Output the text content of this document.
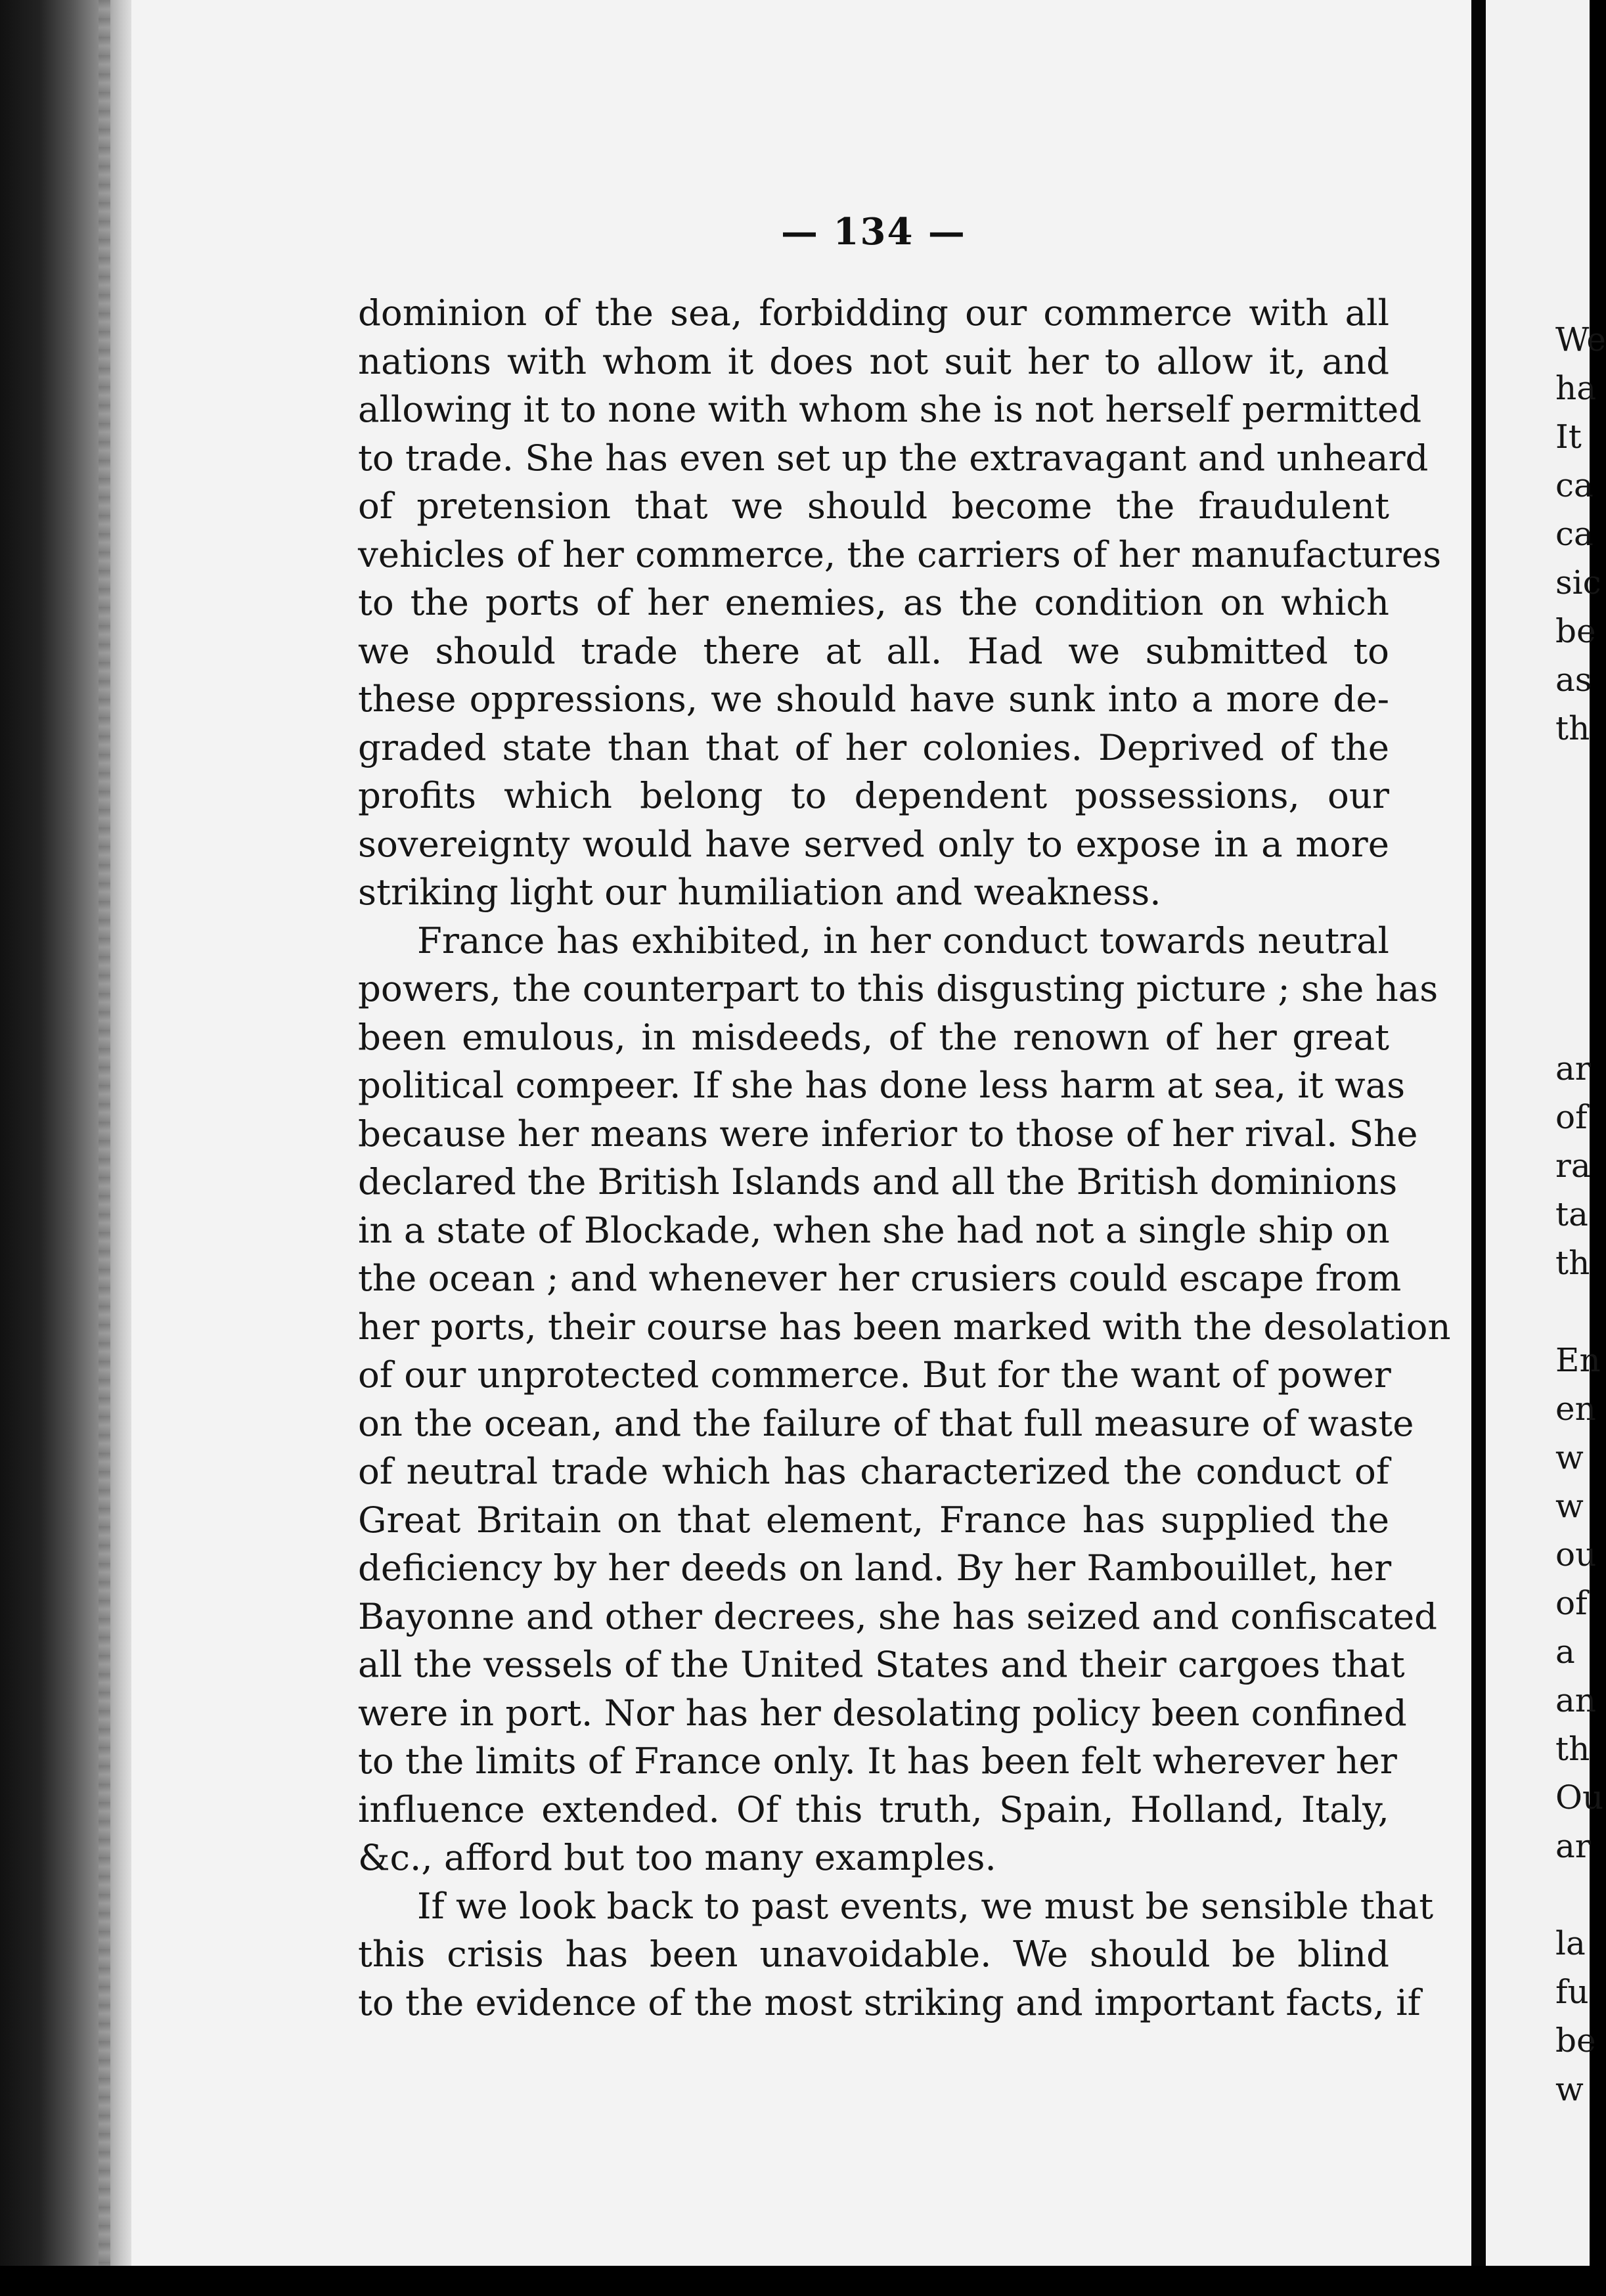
— 134 —
dominion of the sea, forbidding our commerce with all
nations with whom it does not suit her to allow it, and
allowing it to none with whom she is not herself permitted
to trade. She has even set up the extravagant and unheard
of pretension that we should become the fraudulent
vehicles of her commerce, the carriers of her manufactures
to the ports of her enemies, as the condition on which
we should trade there at all. Had we submitted to
these oppressions, we should have sunk into a more de-
graded state than that of her colonies. Deprived of the
profits which belong to dependent possessions, our
sovereignty would have served only to expose in a more
striking light our humiliation and weakness.
France has exhibited, in her conduct towards neutral
powers, the counterpart to this disgusting picture ; she has
been emulous, in misdeeds, of the renown of her great
political compeer. If she has done less harm at sea, it was
because her means were inferior to those of her rival. She
declared the British Islands and all the British dominions
in a state of Blockade, when she had not a single ship on
the ocean ; and whenever her crusiers could escape from
her ports, their course has been marked with the desolation
of our unprotected commerce. But for the want of power
on the ocean, and the failure of that full measure of waste
of neutral trade which has characterized the conduct of
Great Britain on that element, France has supplied the
deficiency by her deeds on land. By her Rambouillet, her
Bayonne and other decrees, she has seized and confiscated
all the vessels of the United States and their cargoes that
were in port. Nor has her desolating policy been confined
to the limits of France only. It has been felt wherever her
influence extended. Of this truth, Spain, Holland, Italy,
&c., afford but too many examples.
If we look back to past events, we must be sensible that
this crisis has been unavoidable. We should be blind
to the evidence of the most striking and important facts, if
We
ha
It
ca
ca
sic
be
as
th
ar
of
ra
ta
th
En
en
w
w
ou
of
a
an
th
Ou
ar
la
fu
be
w
